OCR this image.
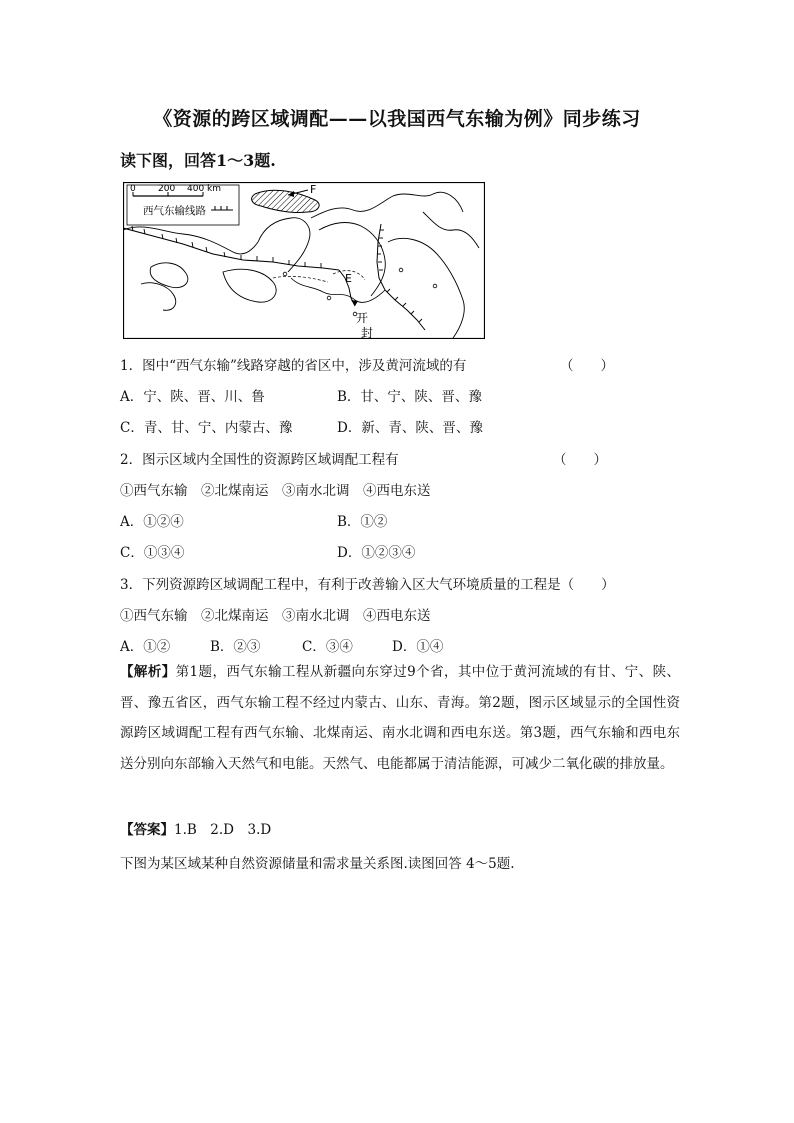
《资源的跨区域调配——以我国西气东输为例》同步练习
读下图，回答1～3题.
0 200 400 km
西气东输线路
F
E
开
封
1．图中“西气东输”线路穿越的省区中，涉及黄河流域的有	（　　）
A．宁、陕、晋、川、鲁	B．甘、宁、陕、晋、豫
C．青、甘、宁、内蒙古、豫	D．新、青、陕、晋、豫
2．图示区域内全国性的资源跨区域调配工程有	（　　）
①西气东输　②北煤南运　③南水北调　④西电东送
A．①②④	B．①②
C．①③④	D．①②③④
3．下列资源跨区域调配工程中，有利于改善输入区大气环境质量的工程是（　　）
①西气东输　②北煤南运　③南水北调　④西电东送
A．①②	B．②③	C．③④	D．①④
【解析】第1题，西气东输工程从新疆向东穿过9个省，其中位于黄河流域的有甘、宁、陕、晋、豫五省区，西气东输工程不经过内蒙古、山东、青海。第2题，图示区域显示的全国性资源跨区域调配工程有西气东输、北煤南运、南水北调和西电东送。第3题，西气东输和西电东送分别向东部输入天然气和电能。天然气、电能都属于清洁能源，可减少二氧化碳的排放量。
【答案】1.B　2.D　3.D
下图为某区域某种自然资源储量和需求量关系图.读图回答 4～5题.
